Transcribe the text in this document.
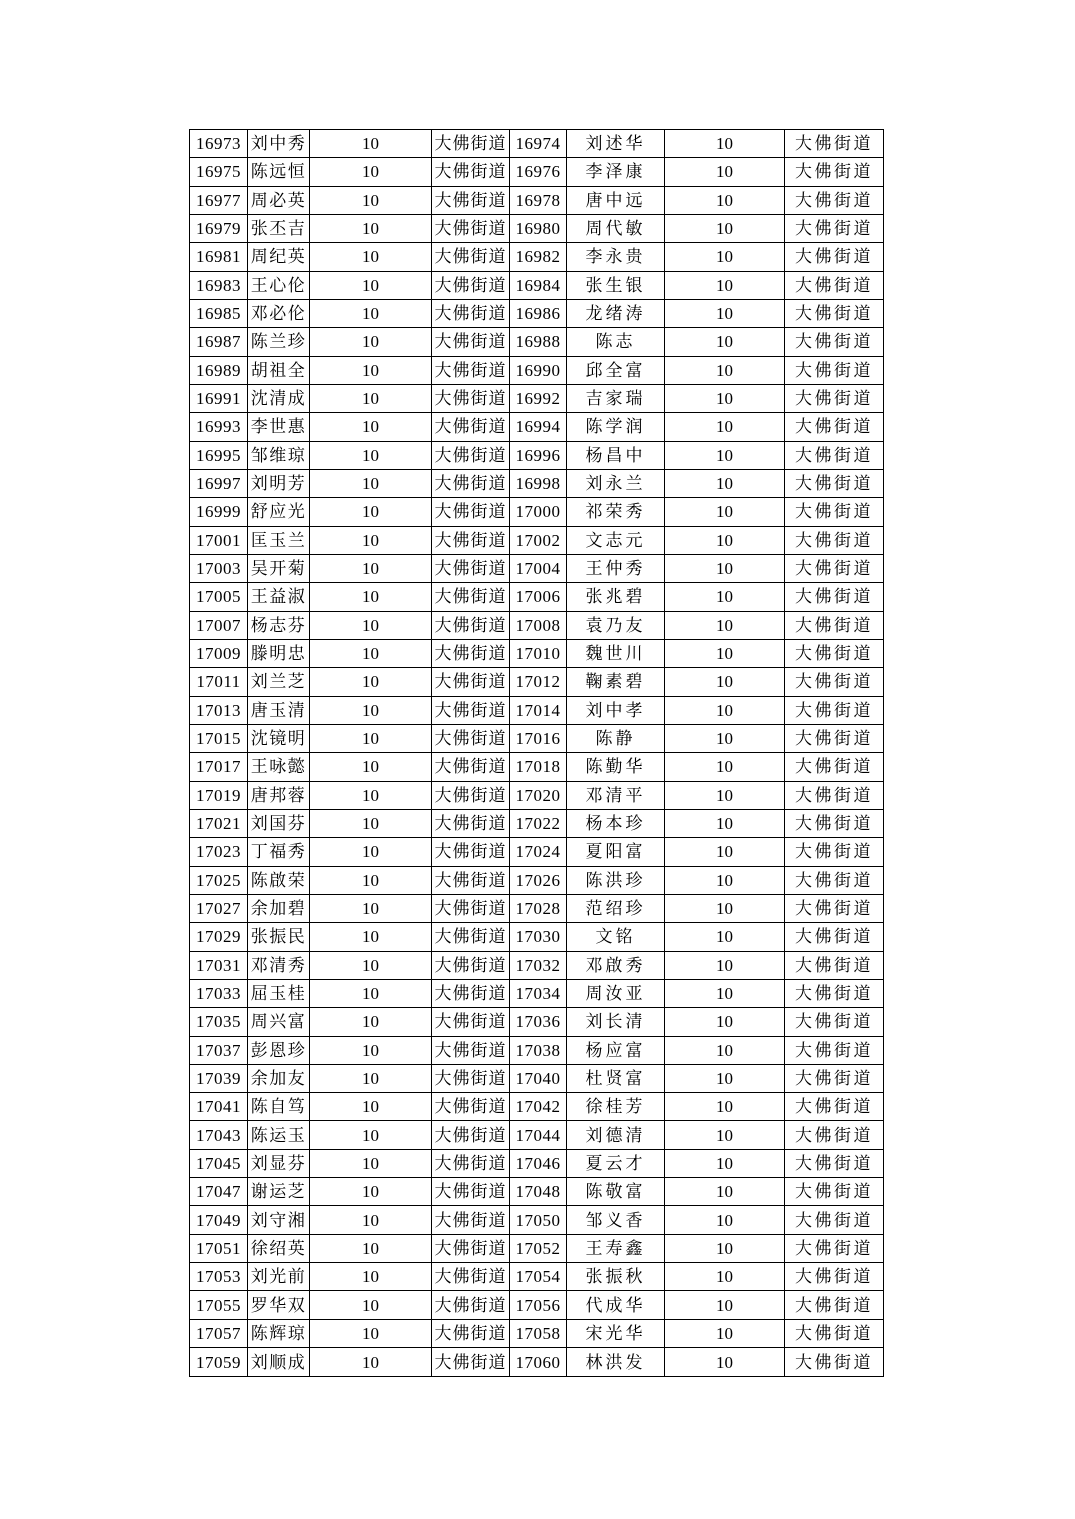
16973	刘中秀	10	大佛街道	16974	刘述华	10	大佛街道
16975	陈远恒	10	大佛街道	16976	李泽康	10	大佛街道
16977	周必英	10	大佛街道	16978	唐中远	10	大佛街道
16979	张丕吉	10	大佛街道	16980	周代敏	10	大佛街道
16981	周纪英	10	大佛街道	16982	李永贵	10	大佛街道
16983	王心伦	10	大佛街道	16984	张生银	10	大佛街道
16985	邓必伦	10	大佛街道	16986	龙绪涛	10	大佛街道
16987	陈兰珍	10	大佛街道	16988	陈志	10	大佛街道
16989	胡祖全	10	大佛街道	16990	邱全富	10	大佛街道
16991	沈清成	10	大佛街道	16992	吉家瑞	10	大佛街道
16993	李世惠	10	大佛街道	16994	陈学润	10	大佛街道
16995	邹维琼	10	大佛街道	16996	杨昌中	10	大佛街道
16997	刘明芳	10	大佛街道	16998	刘永兰	10	大佛街道
16999	舒应光	10	大佛街道	17000	祁荣秀	10	大佛街道
17001	匡玉兰	10	大佛街道	17002	文志元	10	大佛街道
17003	吴开菊	10	大佛街道	17004	王仲秀	10	大佛街道
17005	王益淑	10	大佛街道	17006	张兆碧	10	大佛街道
17007	杨志芬	10	大佛街道	17008	袁乃友	10	大佛街道
17009	滕明忠	10	大佛街道	17010	魏世川	10	大佛街道
17011	刘兰芝	10	大佛街道	17012	鞠素碧	10	大佛街道
17013	唐玉清	10	大佛街道	17014	刘中孝	10	大佛街道
17015	沈镜明	10	大佛街道	17016	陈静	10	大佛街道
17017	王咏懿	10	大佛街道	17018	陈勤华	10	大佛街道
17019	唐邦蓉	10	大佛街道	17020	邓清平	10	大佛街道
17021	刘国芬	10	大佛街道	17022	杨本珍	10	大佛街道
17023	丁福秀	10	大佛街道	17024	夏阳富	10	大佛街道
17025	陈啟荣	10	大佛街道	17026	陈洪珍	10	大佛街道
17027	余加碧	10	大佛街道	17028	范绍珍	10	大佛街道
17029	张振民	10	大佛街道	17030	文铭	10	大佛街道
17031	邓清秀	10	大佛街道	17032	邓啟秀	10	大佛街道
17033	屈玉桂	10	大佛街道	17034	周汝亚	10	大佛街道
17035	周兴富	10	大佛街道	17036	刘长清	10	大佛街道
17037	彭恩珍	10	大佛街道	17038	杨应富	10	大佛街道
17039	余加友	10	大佛街道	17040	杜贤富	10	大佛街道
17041	陈自笃	10	大佛街道	17042	徐桂芳	10	大佛街道
17043	陈运玉	10	大佛街道	17044	刘德清	10	大佛街道
17045	刘显芬	10	大佛街道	17046	夏云才	10	大佛街道
17047	谢运芝	10	大佛街道	17048	陈敬富	10	大佛街道
17049	刘守湘	10	大佛街道	17050	邹义香	10	大佛街道
17051	徐绍英	10	大佛街道	17052	王寿鑫	10	大佛街道
17053	刘光前	10	大佛街道	17054	张振秋	10	大佛街道
17055	罗华双	10	大佛街道	17056	代成华	10	大佛街道
17057	陈辉琼	10	大佛街道	17058	宋光华	10	大佛街道
17059	刘顺成	10	大佛街道	17060	林洪发	10	大佛街道
